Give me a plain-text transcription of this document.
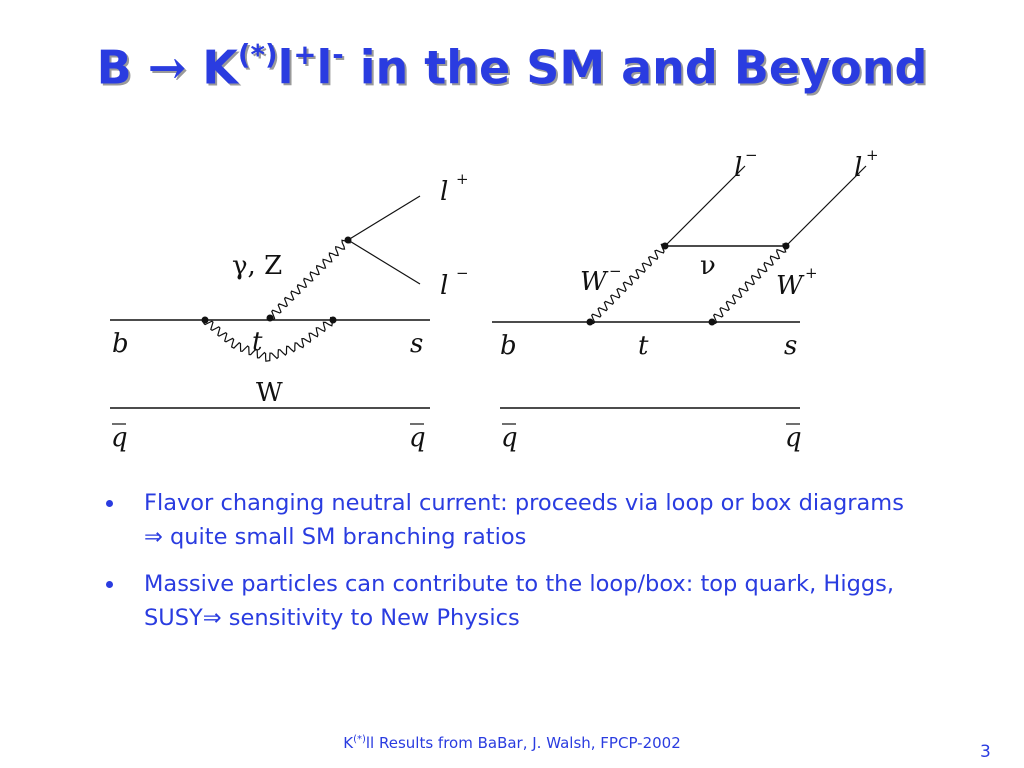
B → K(*)l+l- in the SM and Beyond
b	t	s
W
γ, Z
l +
l −
q	q
b	t	s
ν
W −	W +
l −	l +
q	q
Flavor changing neutral current: proceeds via loop or box diagrams ⇒ quite small SM branching ratios
Massive particles can contribute to the loop/box: top quark, Higgs, SUSY⇒ sensitivity to New Physics
K(*)ll Results from BaBar, J. Walsh, FPCP-2002	3
